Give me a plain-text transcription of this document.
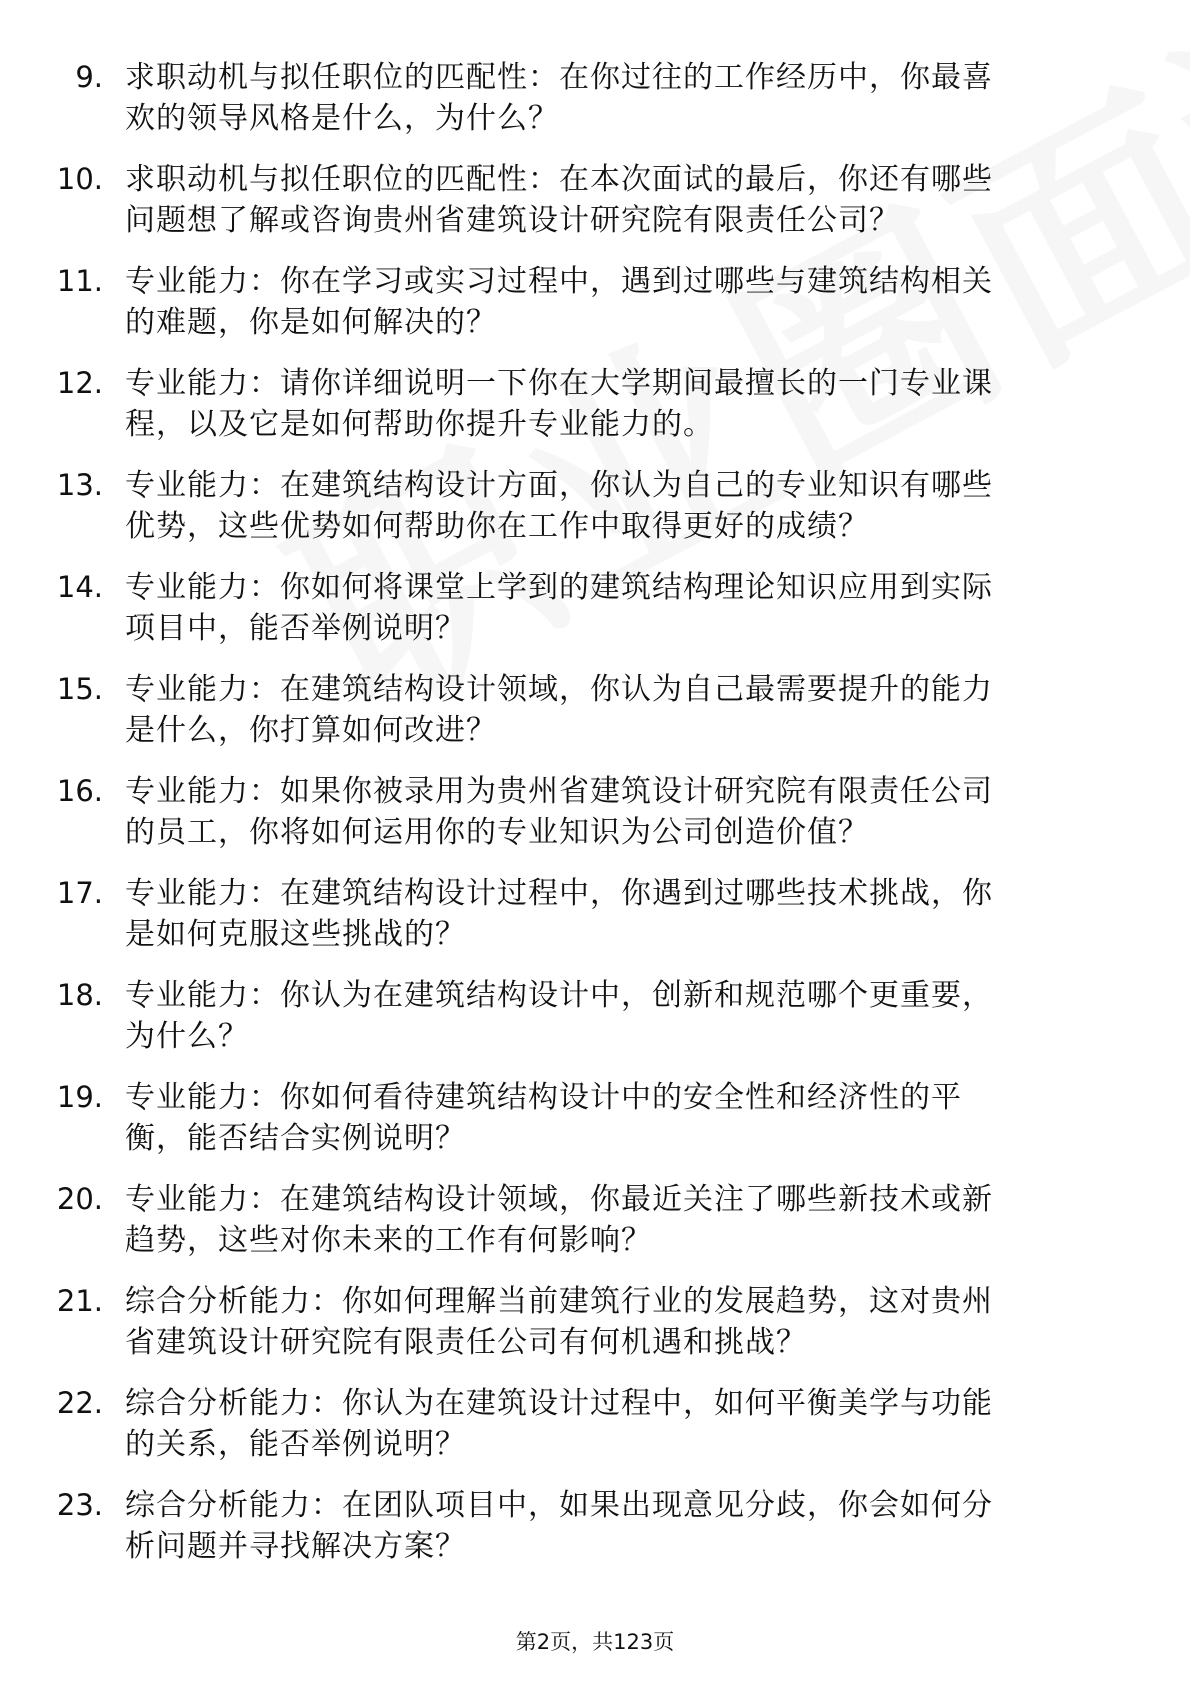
9. 求职动机与拟任职位的匹配性：在你过往的工作经历中，你最喜
欢的领导风格是什么，为什么？
10. 求职动机与拟任职位的匹配性：在本次面试的最后，你还有哪些
问题想了解或咨询贵州省建筑设计研究院有限责任公司？
11. 专业能力：你在学习或实习过程中，遇到过哪些与建筑结构相关
的难题，你是如何解决的？
12. 专业能力：请你详细说明一下你在大学期间最擅长的一门专业课
程，以及它是如何帮助你提升专业能力的。
13. 专业能力：在建筑结构设计方面，你认为自己的专业知识有哪些
优势，这些优势如何帮助你在工作中取得更好的成绩？
14. 专业能力：你如何将课堂上学到的建筑结构理论知识应用到实际
项目中，能否举例说明？
15. 专业能力：在建筑结构设计领域，你认为自己最需要提升的能力
是什么，你打算如何改进？
16. 专业能力：如果你被录用为贵州省建筑设计研究院有限责任公司
的员工，你将如何运用你的专业知识为公司创造价值？
17. 专业能力：在建筑结构设计过程中，你遇到过哪些技术挑战，你
是如何克服这些挑战的？
18. 专业能力：你认为在建筑结构设计中，创新和规范哪个更重要，
为什么？
19. 专业能力：你如何看待建筑结构设计中的安全性和经济性的平
衡，能否结合实例说明？
20. 专业能力：在建筑结构设计领域，你最近关注了哪些新技术或新
趋势，这些对你未来的工作有何影响？
21. 综合分析能力：你如何理解当前建筑行业的发展趋势，这对贵州
省建筑设计研究院有限责任公司有何机遇和挑战？
22. 综合分析能力：你认为在建筑设计过程中，如何平衡美学与功能
的关系，能否举例说明？
23. 综合分析能力：在团队项目中，如果出现意见分歧，你会如何分
析问题并寻找解决方案？
第2页，共123页
